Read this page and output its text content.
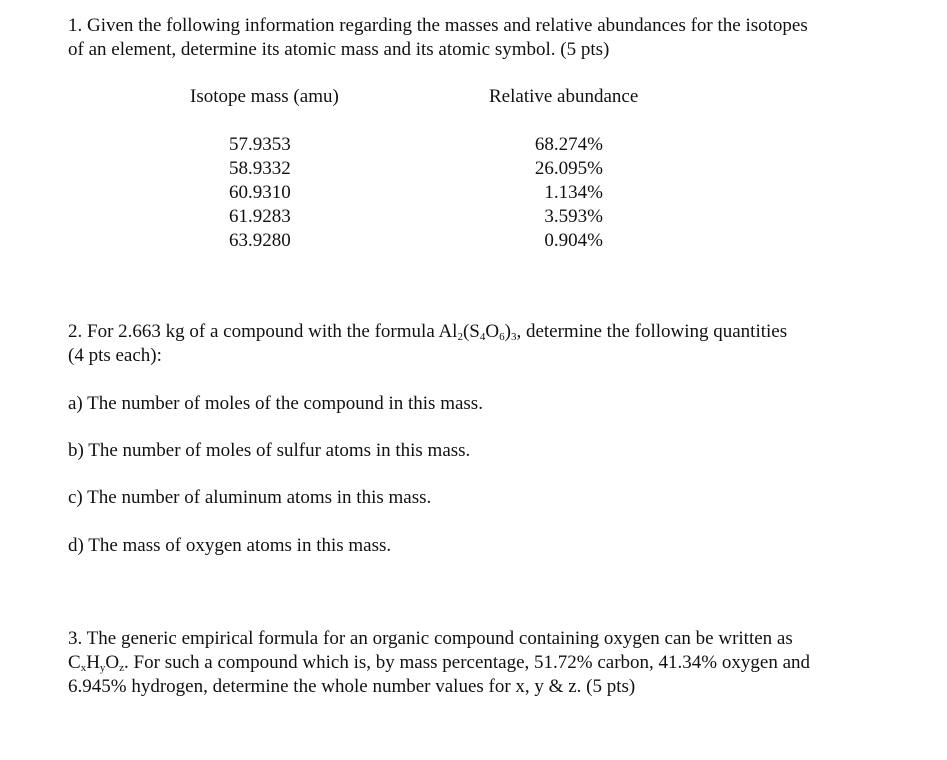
1. Given the following information regarding the masses and relative abundances for the isotopes
of an element, determine its atomic mass and its atomic symbol. (5 pts)
Isotope mass (amu)	Relative abundance
57.9353
58.9332
60.9310
61.9283
63.9280
68.274%
26.095%
1.134%
3.593%
0.904%
2. For 2.663 kg of a compound with the formula $Al_2(S_4O_6)_3$, determine the following quantities
(4 pts each):
a) The number of moles of the compound in this mass.
b) The number of moles of sulfur atoms in this mass.
c) The number of aluminum atoms in this mass.
d) The mass of oxygen atoms in this mass.
3. The generic empirical formula for an organic compound containing oxygen can be written as
$C_xH_yO_z$. For such a compound which is, by mass percentage, 51.72% carbon, 41.34% oxygen and
6.945% hydrogen, determine the whole number values for x, y & z. (5 pts)
